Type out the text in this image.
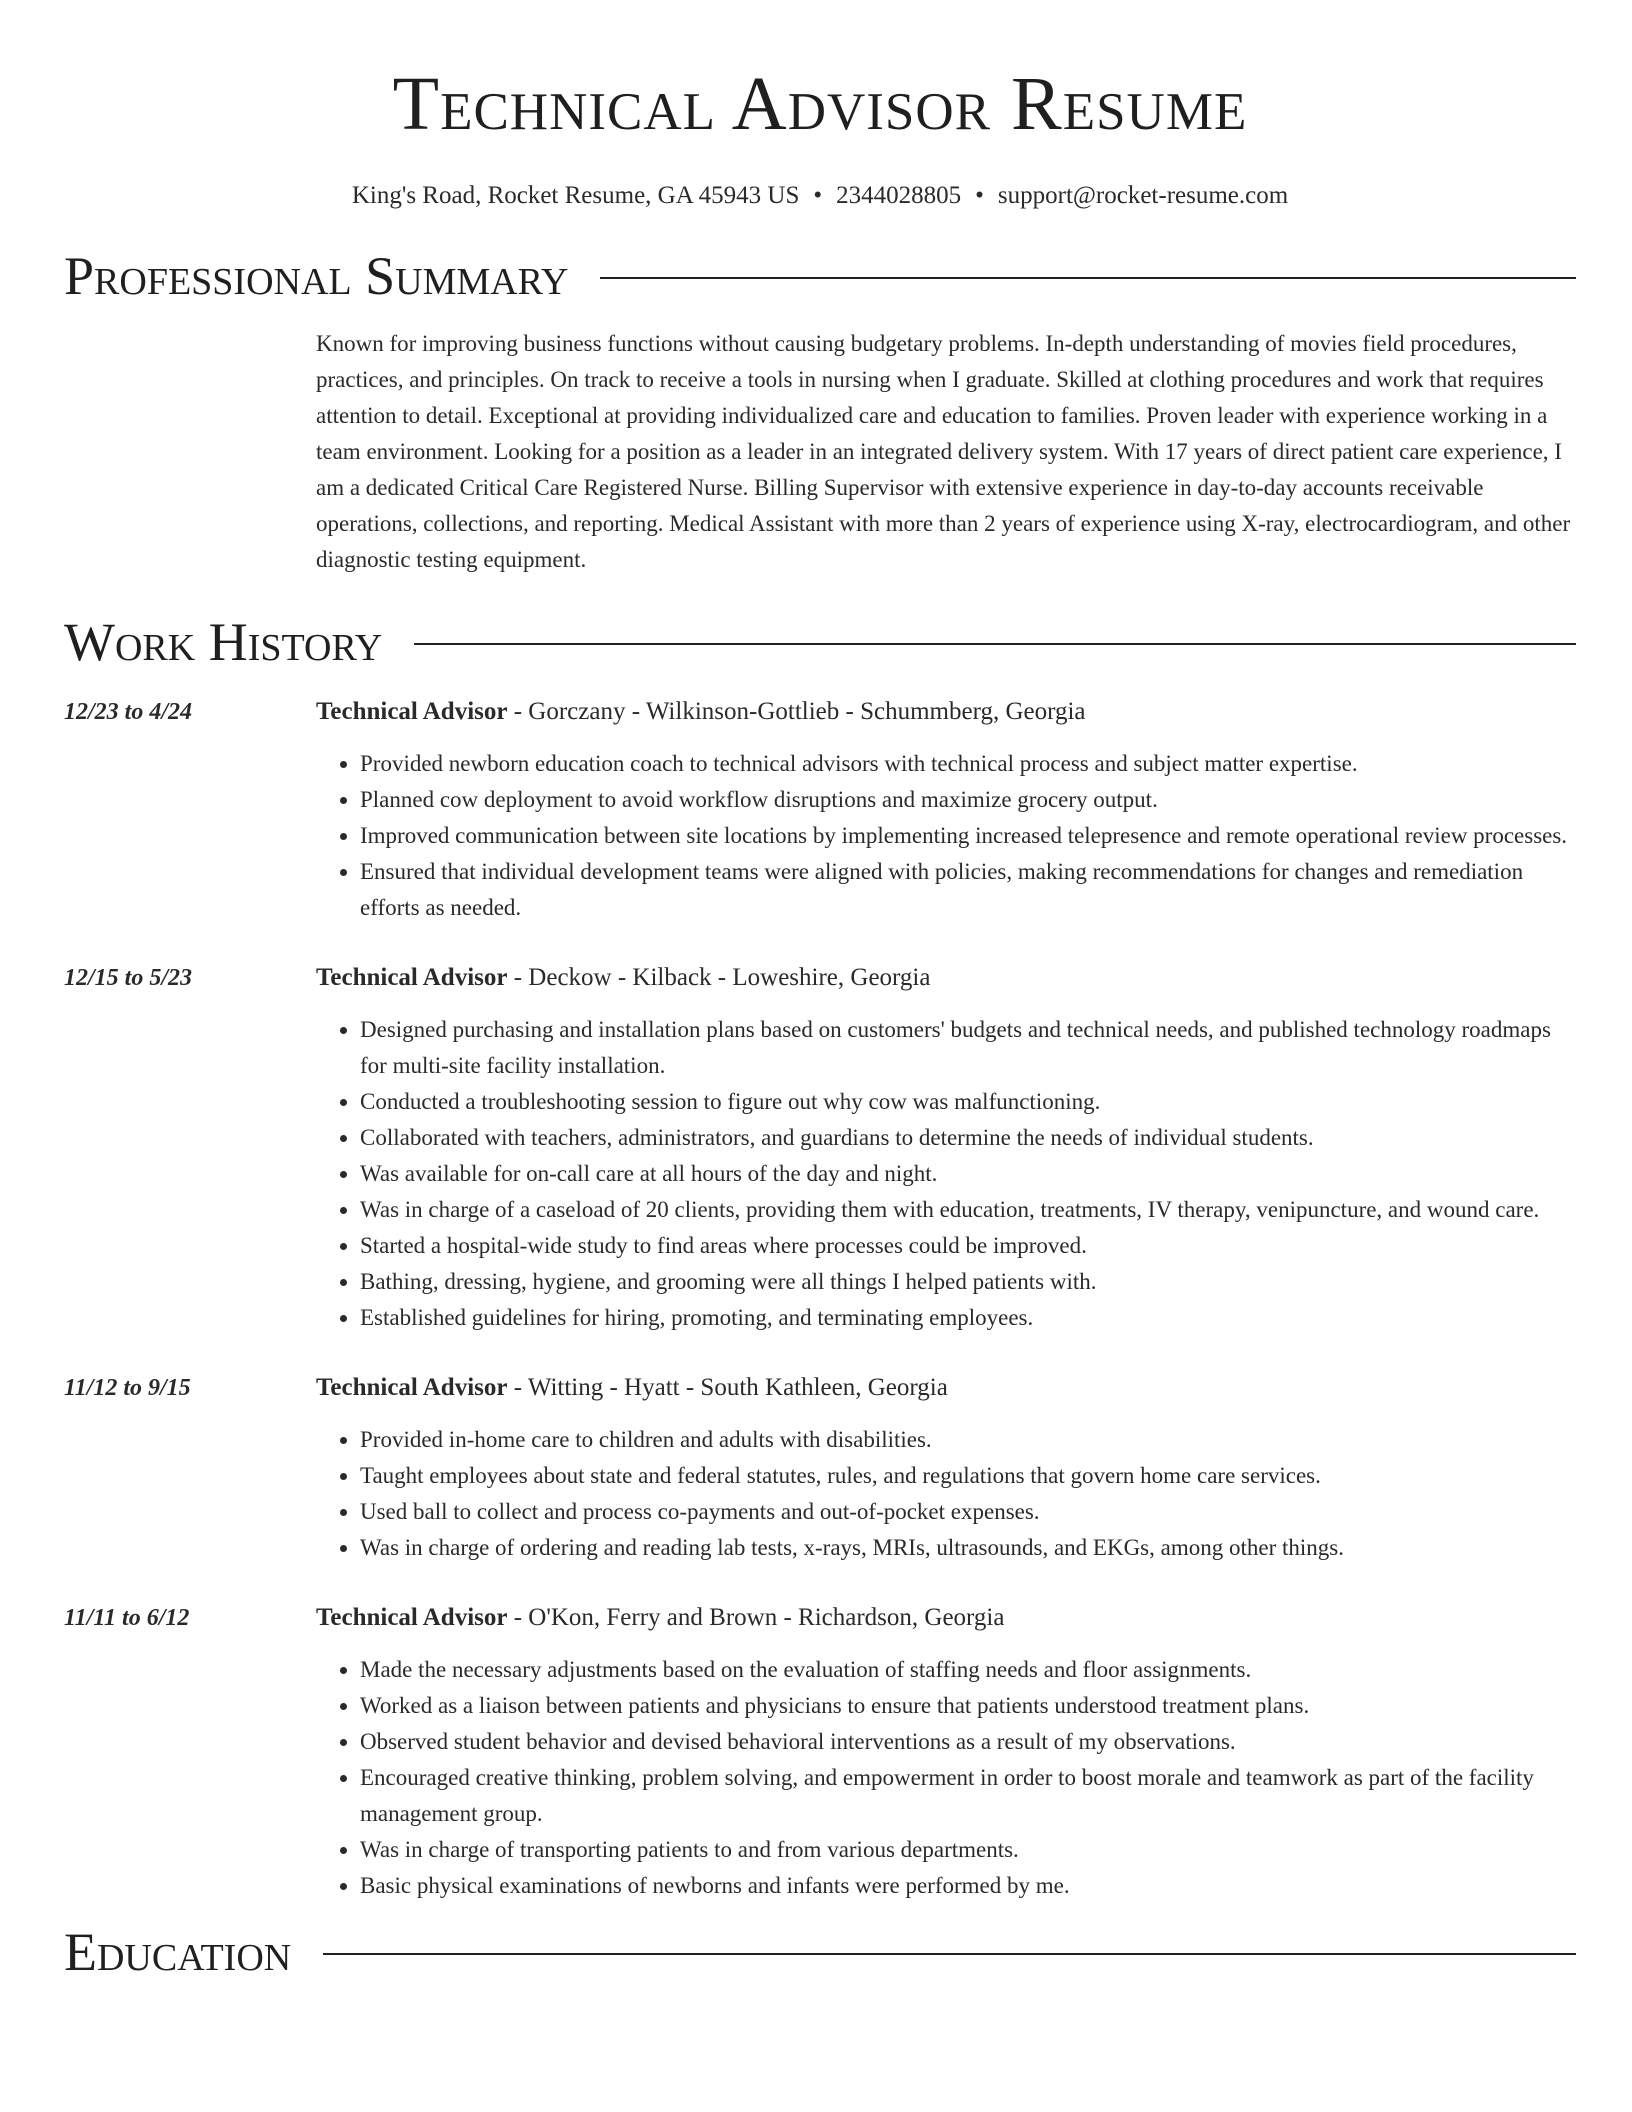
Technical Advisor Resume
King's Road, Rocket Resume, GA 45943 US • 2344028805 • support@rocket-resume.com
Professional Summary
Known for improving business functions without causing budgetary problems. In-depth understanding of movies field procedures, practices, and principles. On track to receive a tools in nursing when I graduate. Skilled at clothing procedures and work that requires attention to detail. Exceptional at providing individualized care and education to families. Proven leader with experience working in a team environment. Looking for a position as a leader in an integrated delivery system. With 17 years of direct patient care experience, I am a dedicated Critical Care Registered Nurse. Billing Supervisor with extensive experience in day-to-day accounts receivable operations, collections, and reporting. Medical Assistant with more than 2 years of experience using X-ray, electrocardiogram, and other diagnostic testing equipment.
Work History
12/23 to 4/24	Technical Advisor - Gorczany - Wilkinson-Gottlieb - Schummberg, Georgia
• Provided newborn education coach to technical advisors with technical process and subject matter expertise.
• Planned cow deployment to avoid workflow disruptions and maximize grocery output.
• Improved communication between site locations by implementing increased telepresence and remote operational review processes.
• Ensured that individual development teams were aligned with policies, making recommendations for changes and remediation efforts as needed.
12/15 to 5/23	Technical Advisor - Deckow - Kilback - Loweshire, Georgia
• Designed purchasing and installation plans based on customers' budgets and technical needs, and published technology roadmaps for multi-site facility installation.
• Conducted a troubleshooting session to figure out why cow was malfunctioning.
• Collaborated with teachers, administrators, and guardians to determine the needs of individual students.
• Was available for on-call care at all hours of the day and night.
• Was in charge of a caseload of 20 clients, providing them with education, treatments, IV therapy, venipuncture, and wound care.
• Started a hospital-wide study to find areas where processes could be improved.
• Bathing, dressing, hygiene, and grooming were all things I helped patients with.
• Established guidelines for hiring, promoting, and terminating employees.
11/12 to 9/15	Technical Advisor - Witting - Hyatt - South Kathleen, Georgia
• Provided in-home care to children and adults with disabilities.
• Taught employees about state and federal statutes, rules, and regulations that govern home care services.
• Used ball to collect and process co-payments and out-of-pocket expenses.
• Was in charge of ordering and reading lab tests, x-rays, MRIs, ultrasounds, and EKGs, among other things.
11/11 to 6/12	Technical Advisor - O'Kon, Ferry and Brown - Richardson, Georgia
• Made the necessary adjustments based on the evaluation of staffing needs and floor assignments.
• Worked as a liaison between patients and physicians to ensure that patients understood treatment plans.
• Observed student behavior and devised behavioral interventions as a result of my observations.
• Encouraged creative thinking, problem solving, and empowerment in order to boost morale and teamwork as part of the facility management group.
• Was in charge of transporting patients to and from various departments.
• Basic physical examinations of newborns and infants were performed by me.
Education
